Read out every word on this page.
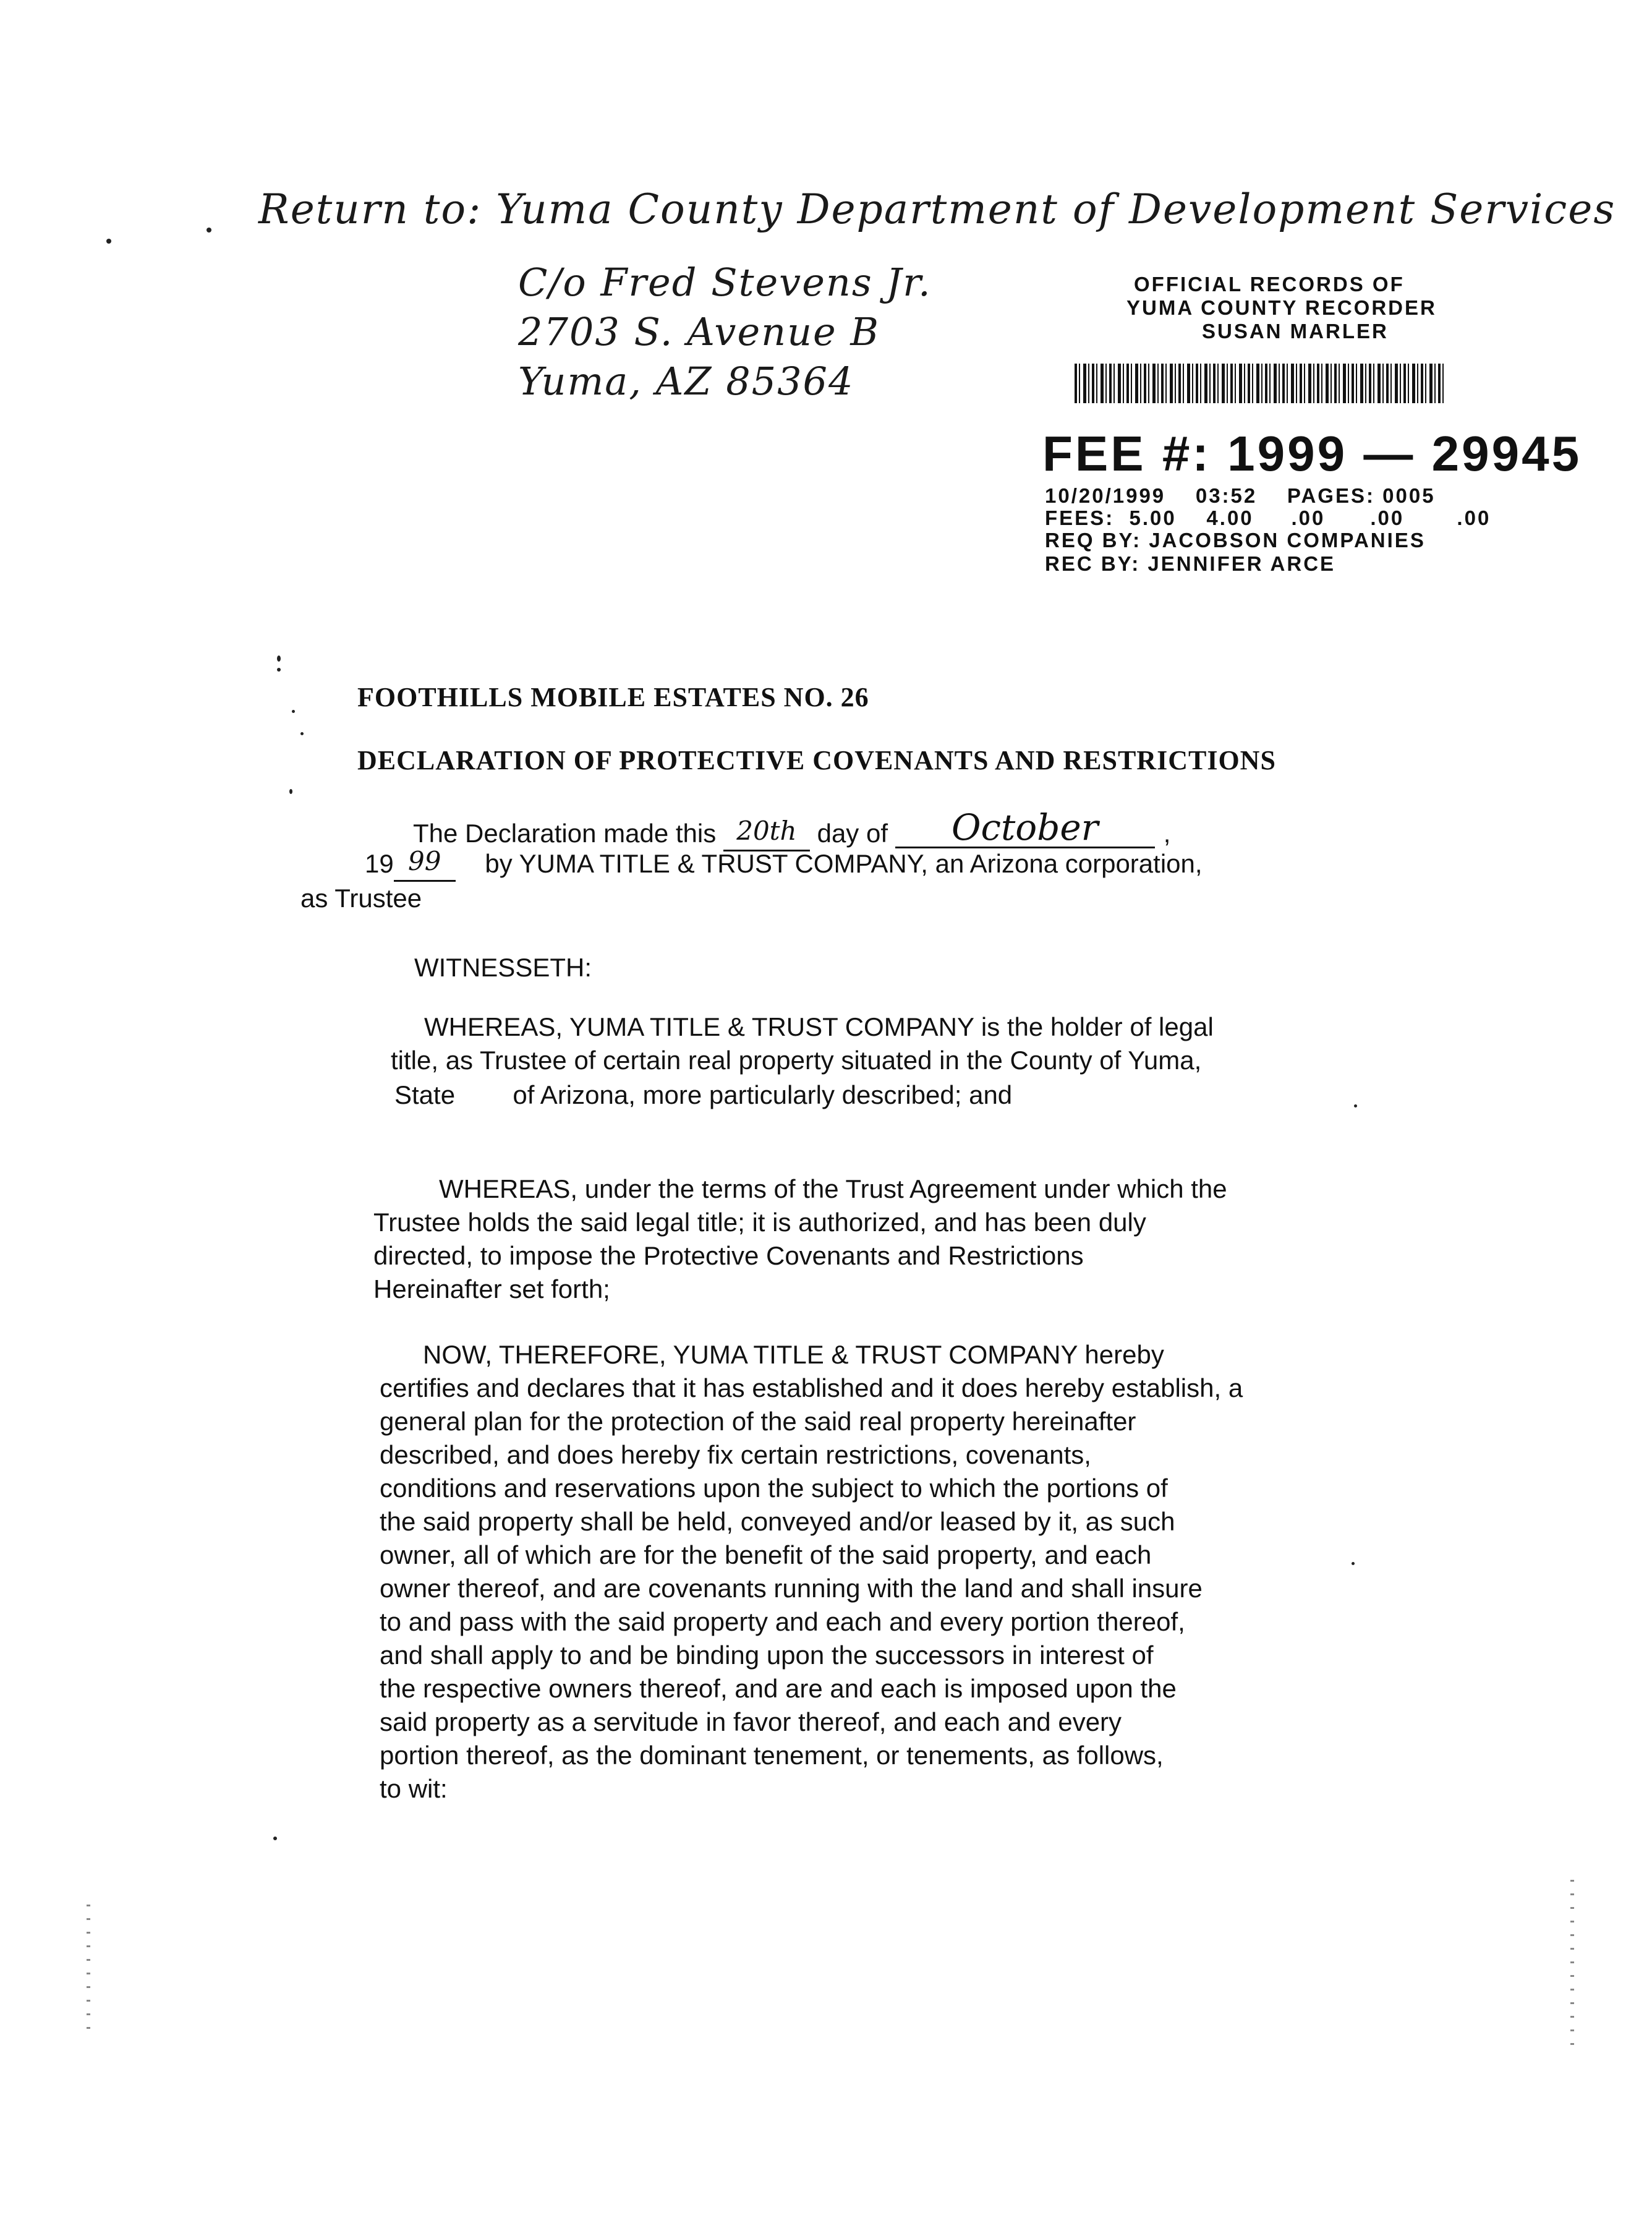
Return to: Yuma County Department of Development Services
C/o Fred Stevens Jr.
2703 S. Avenue B
Yuma, AZ 85364
OFFICIAL RECORDS OF
YUMA COUNTY RECORDER
SUSAN MARLER
FEE #: 1999 — 29945
10/20/1999    03:52    PAGES: 0005
FEES:  5.00    4.00     .00      .00       .00
REQ BY: JACOBSON COMPANIES
REC BY: JENNIFER ARCE
FOOTHILLS MOBILE ESTATES NO. 26
DECLARATION OF PROTECTIVE COVENANTS AND RESTRICTIONS
The Declaration made this 20th day of October	,
19 99 by YUMA TITLE & TRUST COMPANY, an Arizona corporation,
as Trustee
WITNESSETH:
WHEREAS, YUMA TITLE & TRUST COMPANY is the holder of legal
title, as Trustee of certain real property situated in the County of Yuma,
State        of Arizona, more particularly described; and
WHEREAS, under the terms of the Trust Agreement under which the
Trustee holds the said legal title; it is authorized, and has been duly
directed, to impose the Protective Covenants and Restrictions
Hereinafter set forth;
NOW, THEREFORE, YUMA TITLE & TRUST COMPANY hereby
certifies and declares that it has established and it does hereby establish, a
general plan for the protection of the said real property hereinafter
described, and does hereby fix certain restrictions, covenants,
conditions and reservations upon the subject to which the portions of
the said property shall be held, conveyed and/or leased by it, as such
owner, all of which are for the benefit of the said property, and each
owner thereof, and are covenants running with the land and shall insure
to and pass with the said property and each and every portion thereof,
and shall apply to and be binding upon the successors in interest of
the respective owners thereof, and are and each is imposed upon the
said property as a servitude in favor thereof, and each and every
portion thereof, as the dominant tenement, or tenements, as follows,
to wit:
